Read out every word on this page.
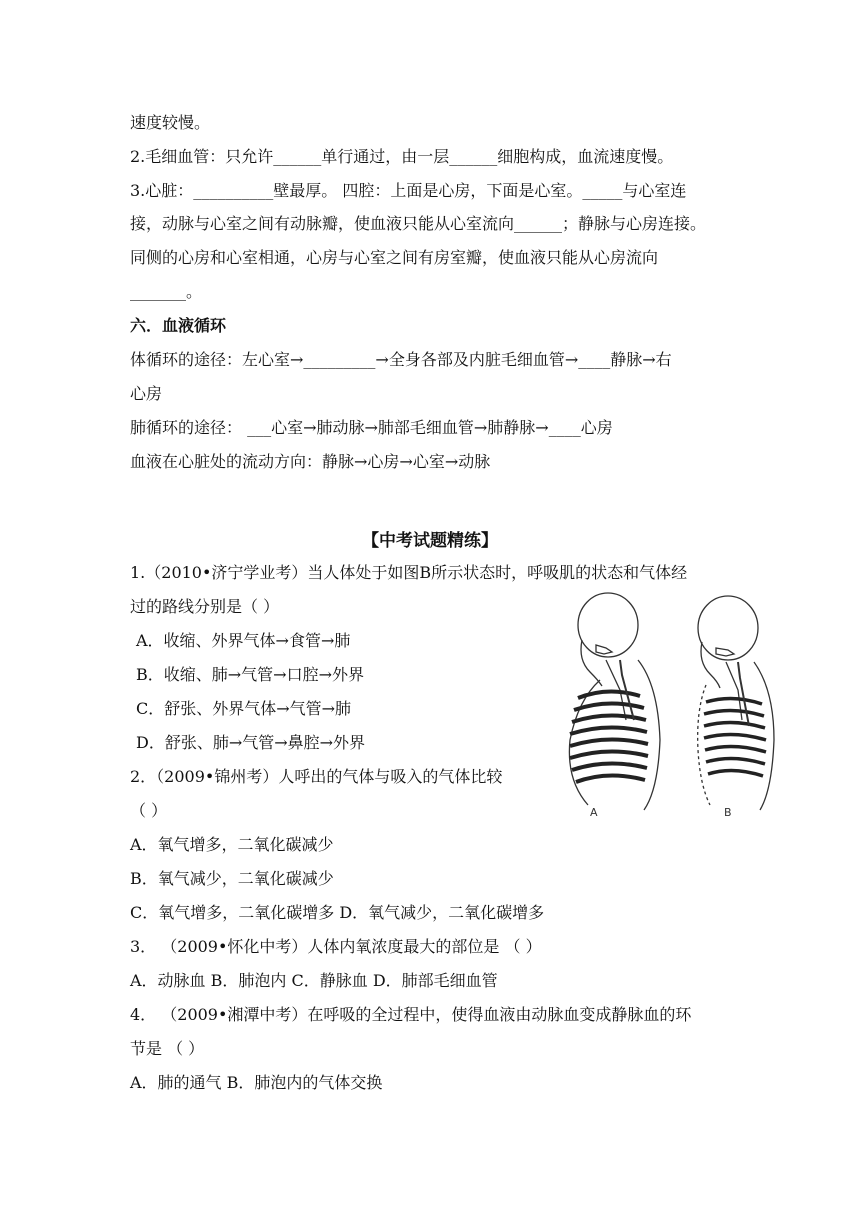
速度较慢。
2.毛细血管：只允许______单行通过，由一层______细胞构成，血流速度慢。
3.心脏：__________壁最厚。 四腔：上面是心房，下面是心室。_____与心室连
接，动脉与心室之间有动脉瓣，使血液只能从心室流向______；静脉与心房连接。
同侧的心房和心室相通，心房与心室之间有房室瓣，使血液只能从心房流向
_______。
六．血液循环
体循环的途径：左心室→_________→全身各部及内脏毛细血管→____静脉→右
心房
肺循环的途径： ___心室→肺动脉→肺部毛细血管→肺静脉→____心房
血液在心脏处的流动方向：静脉→心房→心室→动脉
【中考试题精练】
1.（2010•济宁学业考）当人体处于如图B所示状态时，呼吸肌的状态和气体经
过的路线分别是（ ）
A．收缩、外界气体→食管→肺
B．收缩、肺→气管→口腔→外界
C．舒张、外界气体→气管→肺
D．舒张、肺→气管→鼻腔→外界
2．（2009•锦州考）人呼出的气体与吸入的气体比较
（ ）
A．氧气增多，二氧化碳减少
B．氧气减少，二氧化碳减少
C．氧气增多，二氧化碳增多 D．氧气减少，二氧化碳增多
3． （2009•怀化中考）人体内氧浓度最大的部位是 （ ）
A．动脉血 B．肺泡内 C．静脉血 D．肺部毛细血管
4． （2009•湘潭中考）在呼吸的全过程中，使得血液由动脉血变成静脉血的环
节是 （ ）
A．肺的通气 B．肺泡内的气体交换
A	B
